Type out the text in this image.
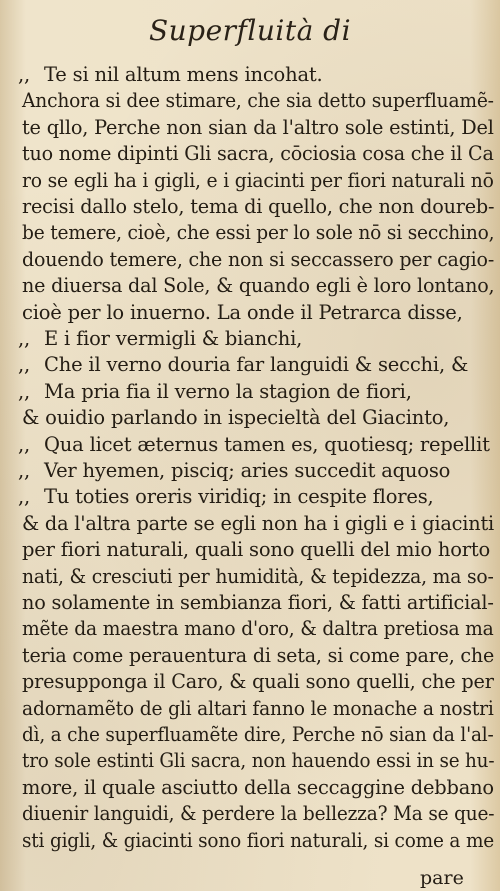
Superfluità di
,, Te si nil altum mens incohat.
Anchora si dee stimare, che sia detto superfluamẽ-
te qllo, Perche non sian da l'altro sole estinti, Del
tuo nome dipinti Gli sacra, cōciosia cosa che il Ca
ro se egli ha i gigli, e i giacinti per fiori naturali nō
recisi dallo stelo, tema di quello, che non doureb-
be temere, cioè, che essi per lo sole nō si secchino,
douendo temere, che non si seccassero per cagio-
ne diuersa dal Sole, & quando egli è loro lontano,
cioè per lo inuerno. La onde il Petrarca disse,
,, E i fior vermigli & bianchi,
,, Che il verno douria far languidi & secchi, &
,, Ma pria fia il verno la stagion de fiori,
& ouidio parlando in ispecieltà del Giacinto,
,, Qua licet æternus tamen es, quotiesq; repellit
,, Ver hyemen, pisciq; aries succedit aquoso
,, Tu toties oreris viridiq; in cespite flores,
& da l'altra parte se egli non ha i gigli e i giacinti
per fiori naturali, quali sono quelli del mio horto
nati, & cresciuti per humidità, & tepidezza, ma so-
no solamente in sembianza fiori, & fatti artificial-
mẽte da maestra mano d'oro, & daltra pretiosa ma
teria come perauentura di seta, si come pare, che
presupponga il Caro, & quali sono quelli, che per
adornamẽto de gli altari fanno le monache a nostri
dì, a che superfluamẽte dire, Perche nō sian da l'al-
tro sole estinti Gli sacra, non hauendo essi in se hu-
more, il quale asciutto della seccaggine debbano
diuenir languidi, & perdere la bellezza? Ma se que-
sti gigli, & giacinti sono fiori naturali, si come a me
pare
